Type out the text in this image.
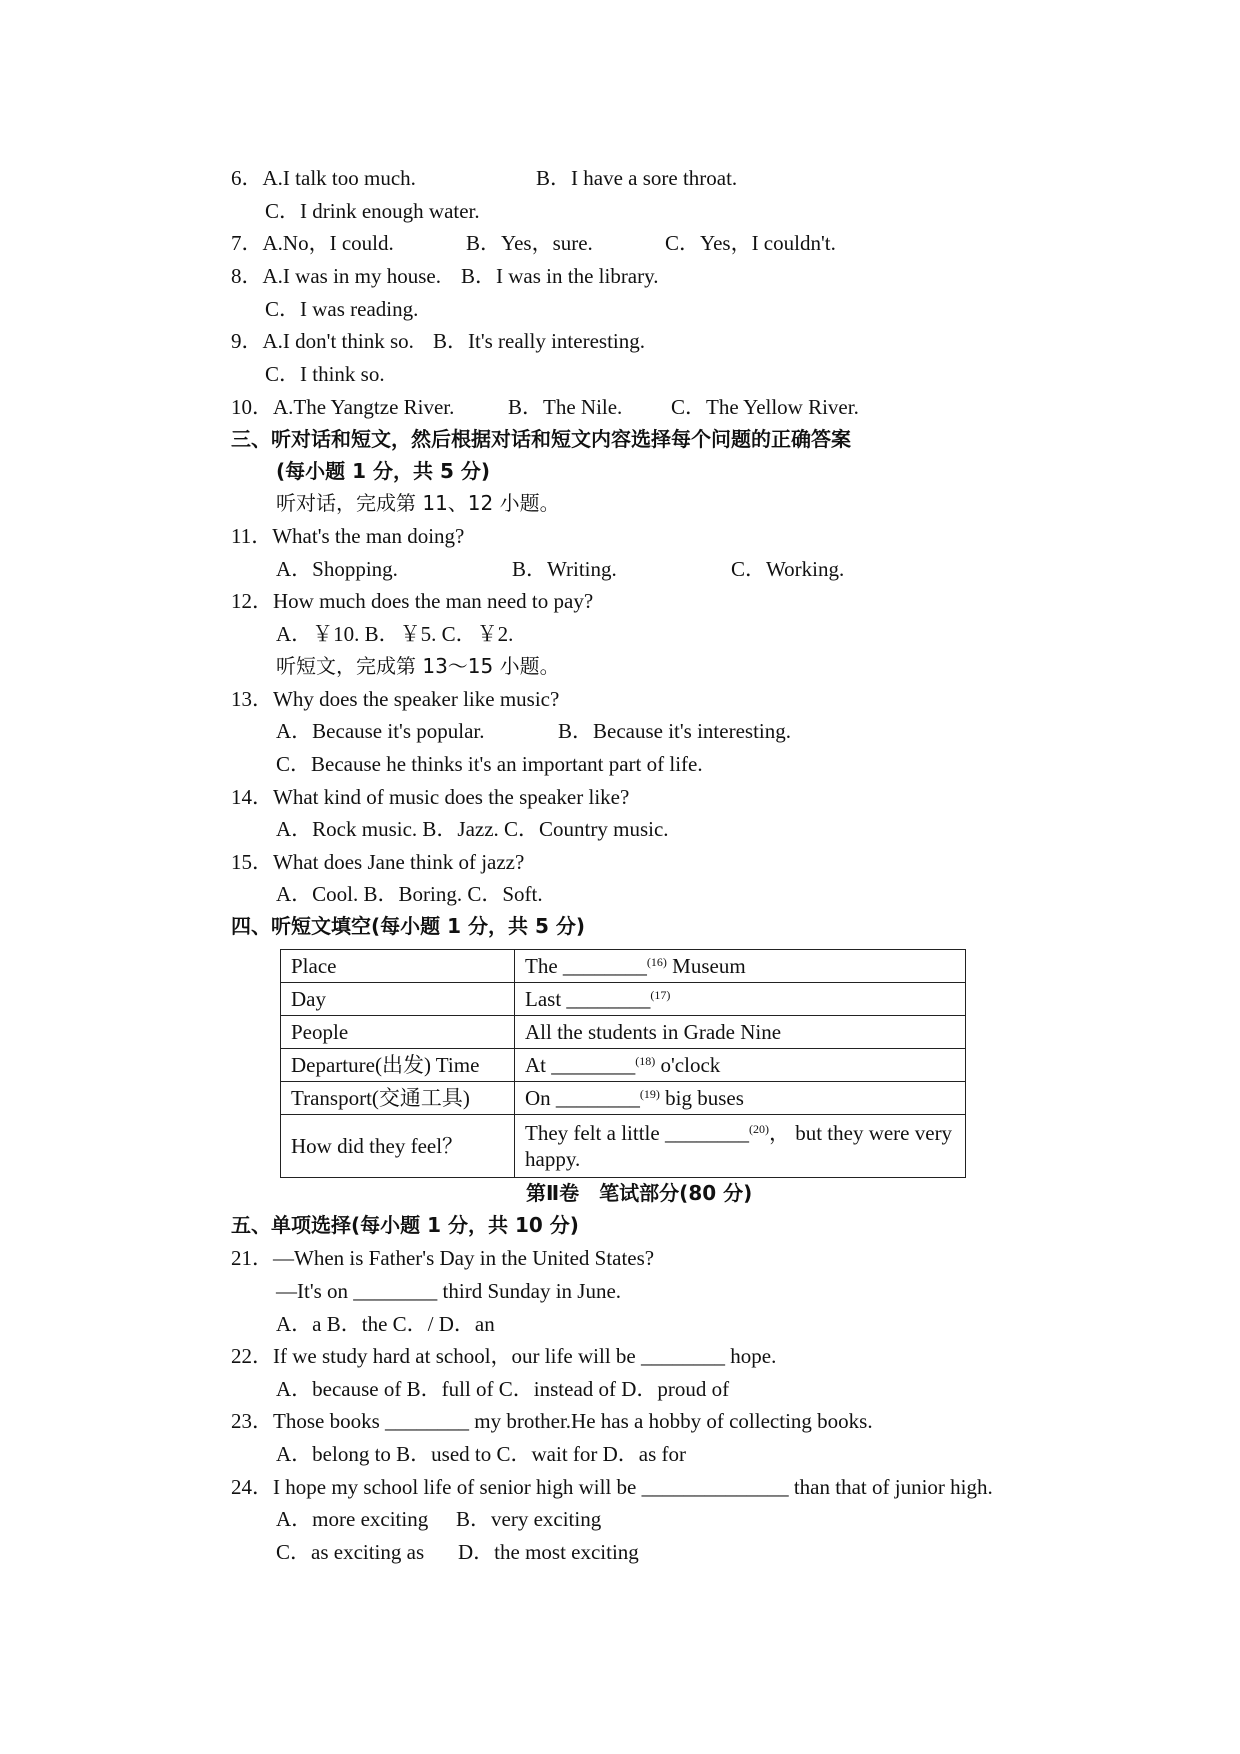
6．A.I talk too much.	B．I have a sore throat.
C．I drink enough water.
7．A.No，I could.	B．Yes，sure.	C．Yes，I couldn't.
8．A.I was in my house. B．I was in the library.
C．I was reading.
9．A.I don't think so. B．It's really interesting.
C．I think so.
10．A.The Yangtze River.	B．The Nile. C．The Yellow River.
三、听对话和短文，然后根据对话和短文内容选择每个问题的正确答案
(每小题 1 分，共 5 分)
听对话，完成第 11、12 小题。
11．What's the man doing?
A．Shopping.	B．Writing.	C．Working.
12．How much does the man need to pay?
A．￥10. B．￥5. C．￥2.
听短文，完成第 13～15 小题。
13．Why does the speaker like music?
A．Because it's popular.	B．Because it's interesting.
C．Because he thinks it's an important part of life.
14．What kind of music does the speaker like?
A．Rock music. B．Jazz. C．Country music.
15．What does Jane think of jazz?
A．Cool. B．Boring. C．Soft.
四、听短文填空(每小题 1 分，共 5 分)
Place	The ________$^{(16)}$ Museum
Day	Last ________$^{(17)}$
People	All the students in Grade Nine
Departure(出发) Time	At ________$^{(18)}$ o'clock
Transport(交通工具)	On ________$^{(19)}$ big buses
How did they feel？	They felt a little ________$^{(20)}$， but they were very happy.
第Ⅱ卷　笔试部分(80 分)
五、单项选择(每小题 1 分，共 10 分)
21．—When is Father's Day in the United States?
—It's on ________ third Sunday in June.
A．a B．the C．/ D．an
22．If we study hard at school，our life will be ________ hope.
A．because of B．full of C．instead of D．proud of
23．Those books ________ my brother.He has a hobby of collecting books.
A．belong to B．used to C．wait for D．as for
24．I hope my school life of senior high will be ______________ than that of junior high.
A．more exciting B．very exciting
C．as exciting as D．the most exciting
